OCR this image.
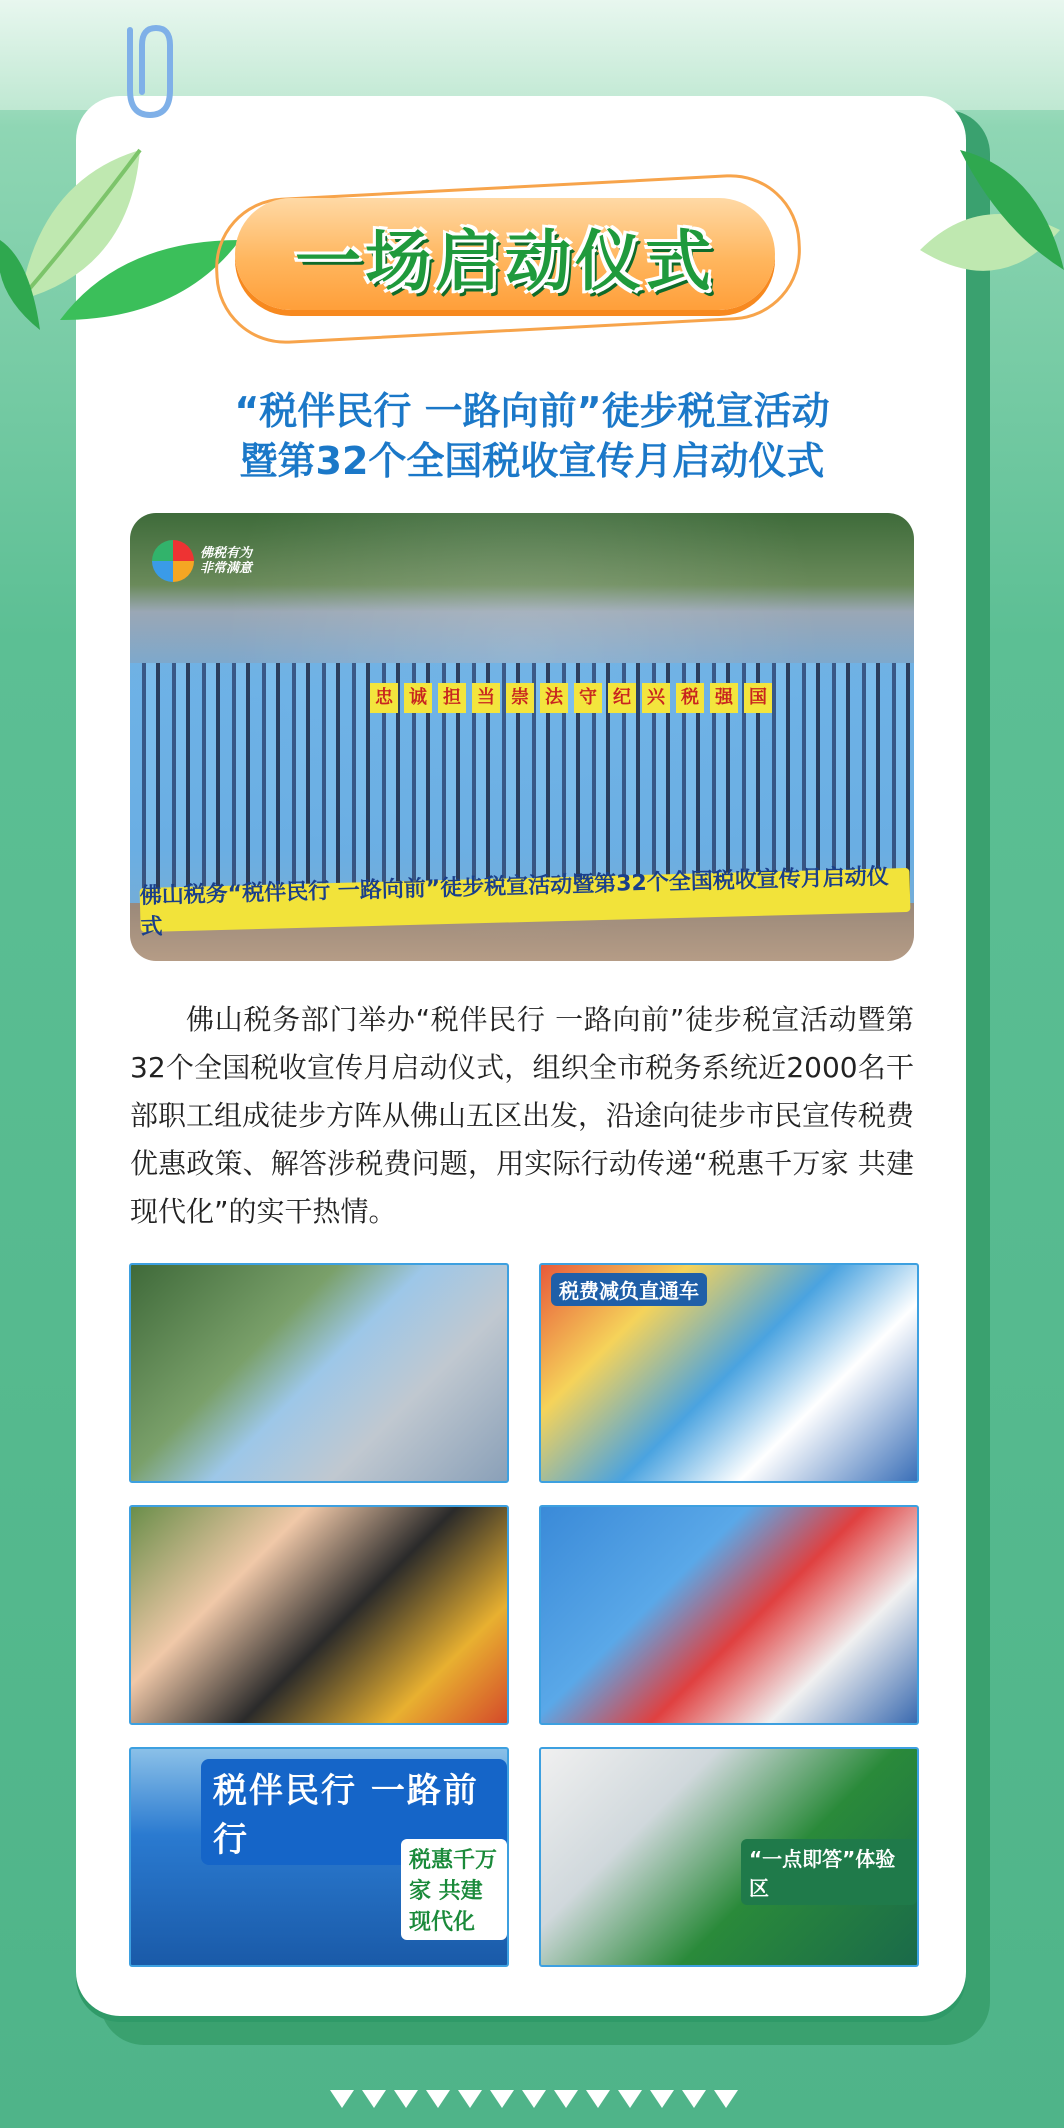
一场启动仪式
“税伴民行 一路向前”徒步税宣活动
暨第32个全国税收宣传月启动仪式
佛税有为
非常满意
忠 诚 担 当 崇 法 守 纪 兴 税 强 国
佛山税务“税伴民行 一路向前”徒步税宣活动暨第32个全国税收宣传月启动仪式
佛山税务部门举办“税伴民行 一路向前”徒步税宣活动暨第32个全国税收宣传月启动仪式，组织全市税务系统近2000名干部职工组成徒步方阵从佛山五区出发，沿途向徒步市民宣传税费优惠政策、解答涉税费问题，用实际行动传递“税惠千万家 共建现代化”的实干热情。
税费减负直通车
税伴民行 一路前行
税惠千万家 共建现代化
“一点即答”体验区
